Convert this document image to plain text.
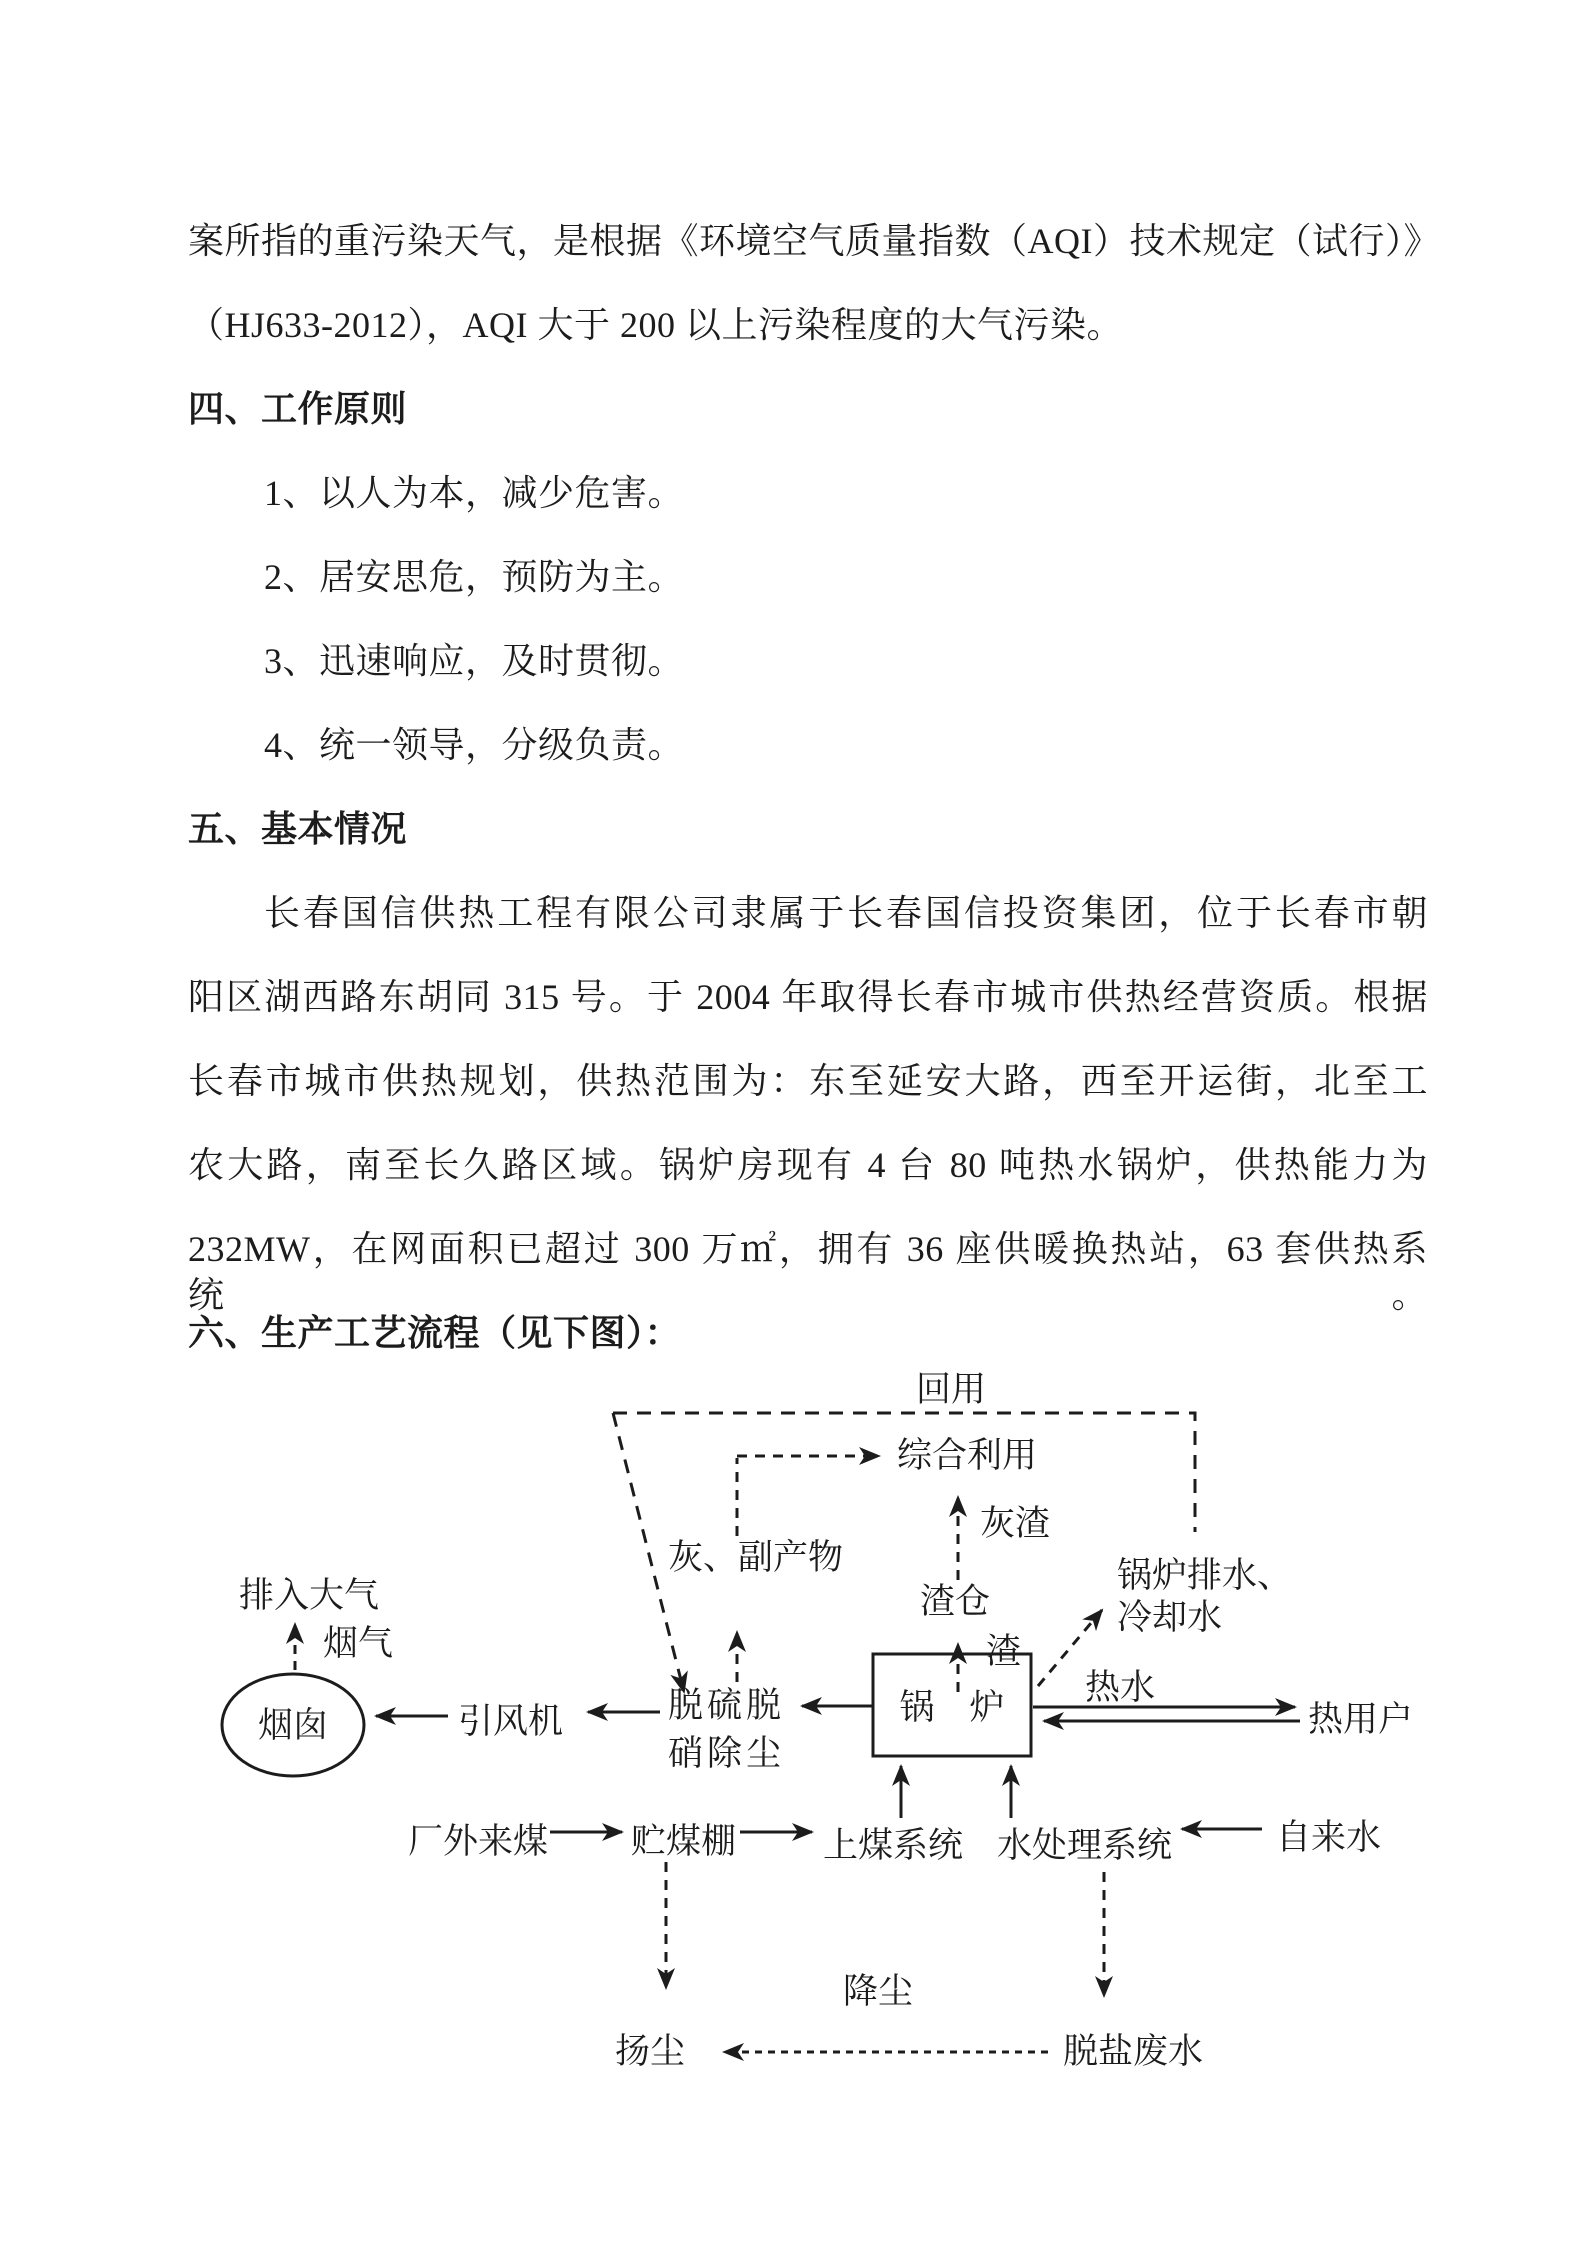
案所指的重污染天气，是根据《环境空气质量指数（AQI）技术规定（试行）》
（HJ633-2012），AQI 大于 200 以上污染程度的大气污染。
四、工作原则
1、以人为本，减少危害。
2、居安思危，预防为主。
3、迅速响应，及时贯彻。
4、统一领导，分级负责。
五、基本情况
长春国信供热工程有限公司隶属于长春国信投资集团，位于长春市朝
阳区湖西路东胡同 315 号。于 2004 年取得长春市城市供热经营资质。根据
长春市城市供热规划，供热范围为：东至延安大路，西至开运街，北至工
农大路，南至长久路区域。锅炉房现有 4 台 80 吨热水锅炉，供热能力为
232MW，在网面积已超过 300 万㎡，拥有 36 座供暖换热站，63 套供热系统。
六、生产工艺流程（见下图）：
回用
综合利用
灰、副产物
灰渣
渣仓
渣
锅炉排水、
冷却水
排入大气
烟气
烟囱	引风机	脱硫脱
硝除尘
锅　炉
热水
热用户
厂外来煤 贮煤棚 上煤系统 水处理系统	自来水
扬尘
降尘
脱盐废水
